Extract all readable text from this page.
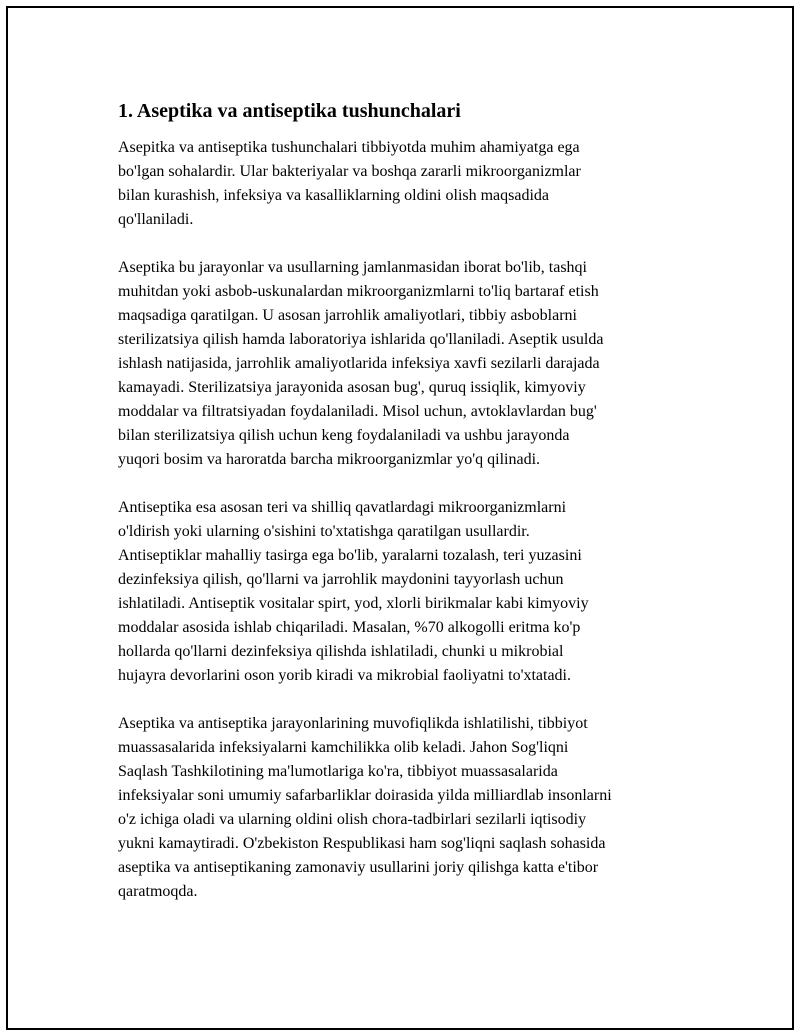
1. Aseptika va antiseptika tushunchalari

Asepitka va antiseptika tushunchalari tibbiyotda muhim ahamiyatga ega
bo'lgan sohalardir. Ular bakteriyalar va boshqa zararli mikroorganizmlar
bilan kurashish, infeksiya va kasalliklarning oldini olish maqsadida
qo'llaniladi.

Aseptika bu jarayonlar va usullarning jamlanmasidan iborat bo'lib, tashqi
muhitdan yoki asbob-uskunalardan mikroorganizmlarni to'liq bartaraf etish
maqsadiga qaratilgan. U asosan jarrohlik amaliyotlari, tibbiy asboblarni
sterilizatsiya qilish hamda laboratoriya ishlarida qo'llaniladi. Aseptik usulda
ishlash natijasida, jarrohlik amaliyotlarida infeksiya xavfi sezilarli darajada
kamayadi. Sterilizatsiya jarayonida asosan bug', quruq issiqlik, kimyoviy
moddalar va filtratsiyadan foydalaniladi. Misol uchun, avtoklavlardan bug'
bilan sterilizatsiya qilish uchun keng foydalaniladi va ushbu jarayonda
yuqori bosim va haroratda barcha mikroorganizmlar yo'q qilinadi.

Antiseptika esa asosan teri va shilliq qavatlardagi mikroorganizmlarni
o'ldirish yoki ularning o'sishini to'xtatishga qaratilgan usullardir.
Antiseptiklar mahalliy tasirga ega bo'lib, yaralarni tozalash, teri yuzasini
dezinfeksiya qilish, qo'llarni va jarrohlik maydonini tayyorlash uchun
ishlatiladi. Antiseptik vositalar spirt, yod, xlorli birikmalar kabi kimyoviy
moddalar asosida ishlab chiqariladi. Masalan, %70 alkogolli eritma ko'p
hollarda qo'llarni dezinfeksiya qilishda ishlatiladi, chunki u mikrobial
hujayra devorlarini oson yorib kiradi va mikrobial faoliyatni to'xtatadi.

Aseptika va antiseptika jarayonlarining muvofiqlikda ishlatilishi, tibbiyot
muassasalarida infeksiyalarni kamchilikka olib keladi. Jahon Sog'liqni
Saqlash Tashkilotining ma'lumotlariga ko'ra, tibbiyot muassasalarida
infeksiyalar soni umumiy safarbarliklar doirasida yilda milliardlab insonlarni
o'z ichiga oladi va ularning oldini olish chora-tadbirlari sezilarli iqtisodiy
yukni kamaytiradi. O'zbekiston Respublikasi ham sog'liqni saqlash sohasida
aseptika va antiseptikaning zamonaviy usullarini joriy qilishga katta e'tibor
qaratmoqda.
